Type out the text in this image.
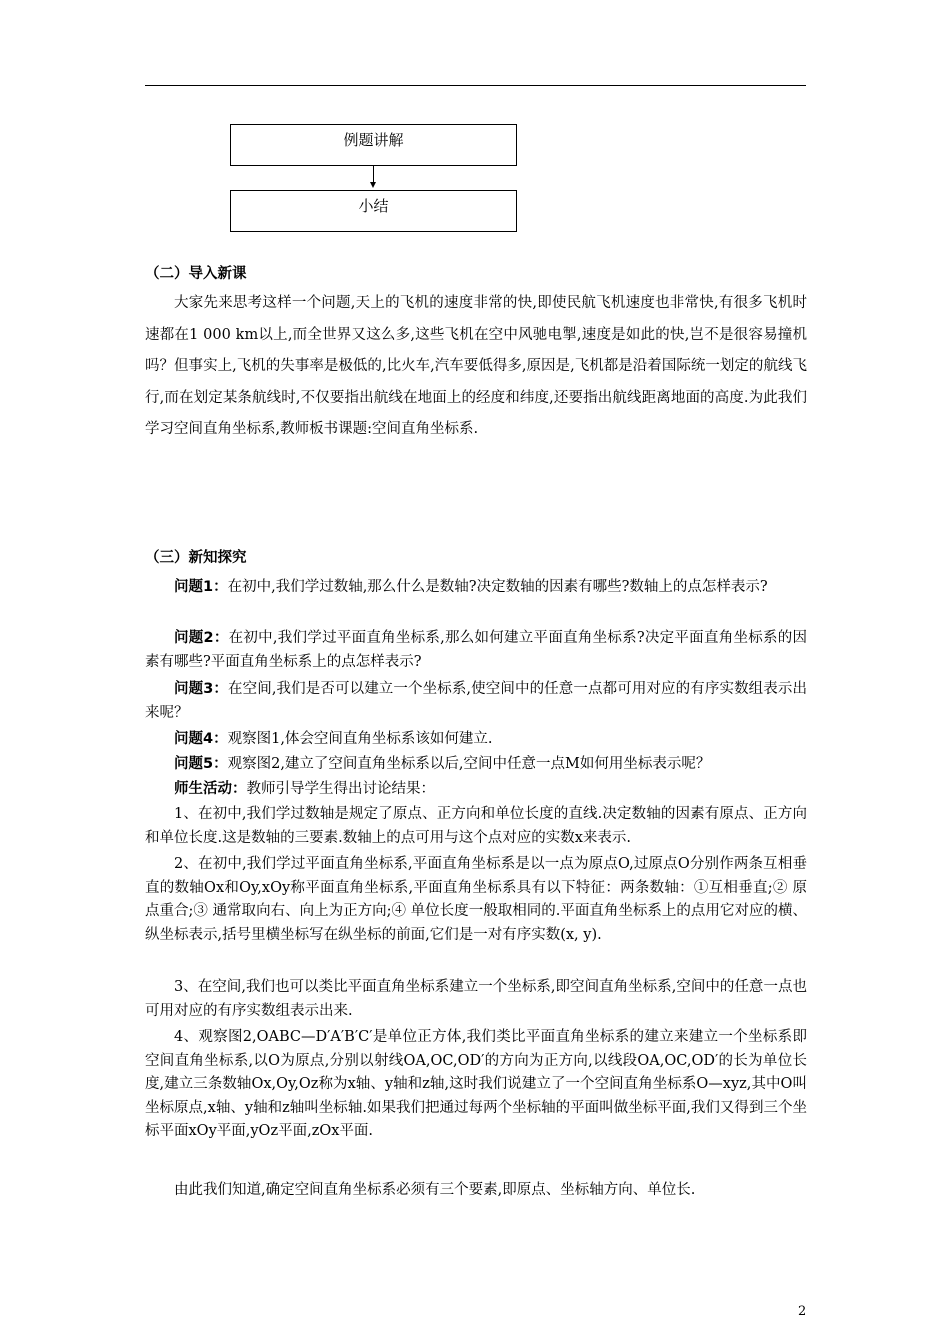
例题讲解
小结
（二）导入新课
大家先来思考这样一个问题,天上的飞机的速度非常的快,即使民航飞机速度也非常快,有很多飞机时速都在1 000 km以上,而全世界又这么多,这些飞机在空中风驰电掣,速度是如此的快,岂不是很容易撞机吗？但事实上,飞机的失事率是极低的,比火车,汽车要低得多,原因是,飞机都是沿着国际统一划定的航线飞行,而在划定某条航线时,不仅要指出航线在地面上的经度和纬度,还要指出航线距离地面的高度.为此我们学习空间直角坐标系,教师板书课题:空间直角坐标系.
（三）新知探究
问题1：在初中,我们学过数轴,那么什么是数轴?决定数轴的因素有哪些?数轴上的点怎样表示?
问题2：在初中,我们学过平面直角坐标系,那么如何建立平面直角坐标系?决定平面直角坐标系的因素有哪些?平面直角坐标系上的点怎样表示?
问题3：在空间,我们是否可以建立一个坐标系,使空间中的任意一点都可用对应的有序实数组表示出来呢？
问题4：观察图1,体会空间直角坐标系该如何建立.
问题5：观察图2,建立了空间直角坐标系以后,空间中任意一点M如何用坐标表示呢？
师生活动：教师引导学生得出讨论结果：
1、在初中,我们学过数轴是规定了原点、正方向和单位长度的直线.决定数轴的因素有原点、正方向和单位长度.这是数轴的三要素.数轴上的点可用与这个点对应的实数x来表示.
2、在初中,我们学过平面直角坐标系,平面直角坐标系是以一点为原点O,过原点O分别作两条互相垂直的数轴Ox和Oy,xOy称平面直角坐标系,平面直角坐标系具有以下特征：两条数轴：①互相垂直;② 原点重合;③ 通常取向右、向上为正方向;④ 单位长度一般取相同的.平面直角坐标系上的点用它对应的横、纵坐标表示,括号里横坐标写在纵坐标的前面,它们是一对有序实数(x, y).
3、在空间,我们也可以类比平面直角坐标系建立一个坐标系,即空间直角坐标系,空间中的任意一点也可用对应的有序实数组表示出来.
4、观察图2,OABC—D′A′B′C′是单位正方体,我们类比平面直角坐标系的建立来建立一个坐标系即空间直角坐标系,以O为原点,分别以射线OA,OC,OD′的方向为正方向,以线段OA,OC,OD′的长为单位长度,建立三条数轴Ox,Oy,Oz称为x轴、y轴和z轴,这时我们说建立了一个空间直角坐标系O—xyz,其中O叫坐标原点,x轴、y轴和z轴叫坐标轴.如果我们把通过每两个坐标轴的平面叫做坐标平面,我们又得到三个坐标平面xOy平面,yOz平面,zOx平面.
由此我们知道,确定空间直角坐标系必须有三个要素,即原点、坐标轴方向、单位长.
2
